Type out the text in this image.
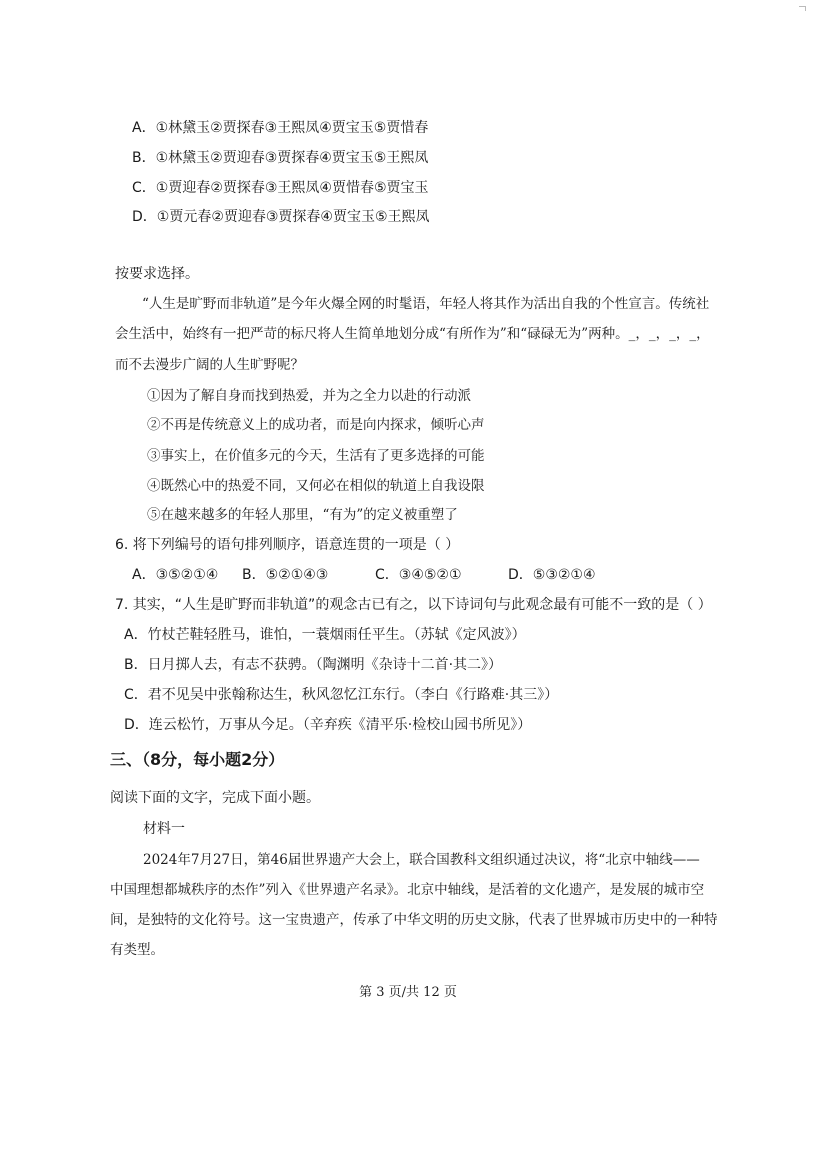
A．①林黛玉②贾探春③王熙凤④贾宝玉⑤贾惜春
B．①林黛玉②贾迎春③贾探春④贾宝玉⑤王熙凤
C．①贾迎春②贾探春③王熙凤④贾惜春⑤贾宝玉
D．①贾元春②贾迎春③贾探春④贾宝玉⑤王熙凤
按要求选择。
“人生是旷野而非轨道”是今年火爆全网的时髦语，年轻人将其作为活出自我的个性宣言。传统社
会生活中，始终有一把严苛的标尺将人生简单地划分成“有所作为”和“碌碌无为”两种。_，_，_，_，
而不去漫步广阔的人生旷野呢？
①因为了解自身而找到热爱，并为之全力以赴的行动派
②不再是传统意义上的成功者，而是向内探求，倾听心声
③事实上，在价值多元的今天，生活有了更多选择的可能
④既然心中的热爱不同，又何必在相似的轨道上自我设限
⑤在越来越多的年轻人那里，“有为”的定义被重塑了
6. 将下列编号的语句排列顺序，语意连贯的一项是（ ）
A．③⑤②①④ B．⑤②①④③	C．③④⑤②①	D．⑤③②①④
7. 其实，“人生是旷野而非轨道”的观念古已有之，以下诗词句与此观念最有可能不一致的是（ ）
A．竹杖芒鞋轻胜马，谁怕，一蓑烟雨任平生。（苏轼《定风波》）
B．日月掷人去，有志不获骋。（陶渊明《杂诗十二首·其二》）
C．君不见吴中张翰称达生，秋风忽忆江东行。（李白《行路难·其三》）
D．连云松竹，万事从今足。（辛弃疾《清平乐·检校山园书所见》）
三、（8分，每小题2分）
阅读下面的文字，完成下面小题。
材料一
2024年7月27日，第46届世界遗产大会上，联合国教科文组织通过决议，将“北京中轴线——
中国理想都城秩序的杰作”列入《世界遗产名录》。北京中轴线，是活着的文化遗产，是发展的城市空
间，是独特的文化符号。这一宝贵遗产，传承了中华文明的历史文脉，代表了世界城市历史中的一种特
有类型。
第 3 页/共 12 页
